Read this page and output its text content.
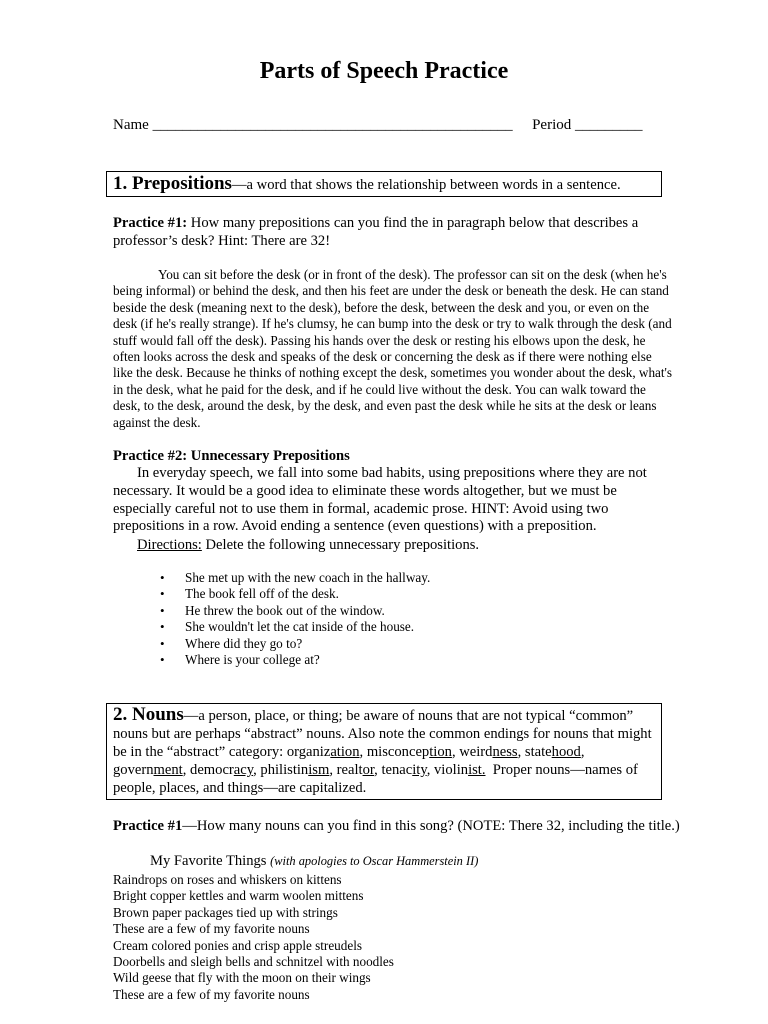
Parts of Speech Practice
Name ________________________________________________ Period _________
1. Prepositions—a word that shows the relationship between words in a sentence.
Practice #1: How many prepositions can you find the in paragraph below that describes a professor’s desk? Hint: There are 32!
You can sit before the desk (or in front of the desk). The professor can sit on the desk (when he's being informal) or behind the desk, and then his feet are under the desk or beneath the desk. He can stand beside the desk (meaning next to the desk), before the desk, between the desk and you, or even on the desk (if he's really strange). If he's clumsy, he can bump into the desk or try to walk through the desk (and stuff would fall off the desk). Passing his hands over the desk or resting his elbows upon the desk, he often looks across the desk and speaks of the desk or concerning the desk as if there were nothing else like the desk. Because he thinks of nothing except the desk, sometimes you wonder about the desk, what's in the desk, what he paid for the desk, and if he could live without the desk. You can walk toward the desk, to the desk, around the desk, by the desk, and even past the desk while he sits at the desk or leans against the desk.
Practice #2: Unnecessary Prepositions
In everyday speech, we fall into some bad habits, using prepositions where they are not necessary. It would be a good idea to eliminate these words altogether, but we must be especially careful not to use them in formal, academic prose. HINT: Avoid using two prepositions in a row. Avoid ending a sentence (even questions) with a preposition.
Directions: Delete the following unnecessary prepositions.
• She met up with the new coach in the hallway.
• The book fell off of the desk.
• He threw the book out of the window.
• She wouldn't let the cat inside of the house.
• Where did they go to?
• Where is your college at?
2. Nouns—a person, place, or thing; be aware of nouns that are not typical “common” nouns but are perhaps “abstract” nouns. Also note the common endings for nouns that might be in the “abstract” category: organization, misconception, weirdness, statehood, government, democracy, philistinism, realtor, tenacity, violinist. Proper nouns—names of people, places, and things—are capitalized.
Practice #1—How many nouns can you find in this song? (NOTE: There 32, including the title.)
My Favorite Things (with apologies to Oscar Hammerstein II)
Raindrops on roses and whiskers on kittens
Bright copper kettles and warm woolen mittens
Brown paper packages tied up with strings
These are a few of my favorite nouns
Cream colored ponies and crisp apple streudels
Doorbells and sleigh bells and schnitzel with noodles
Wild geese that fly with the moon on their wings
These are a few of my favorite nouns
